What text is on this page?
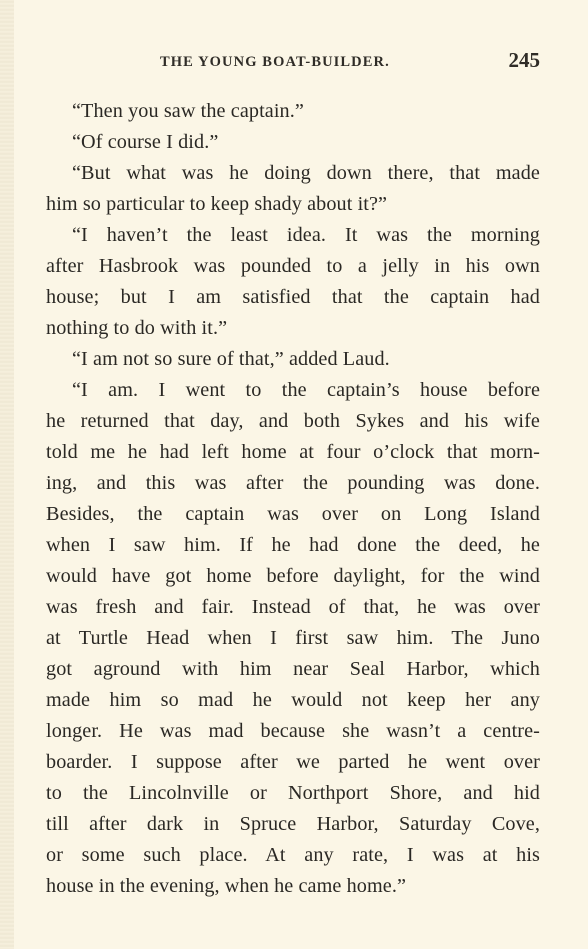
THE YOUNG BOAT-BUILDER.	245
“Then you saw the captain.”
“Of course I did.”
“But what was he doing down there, that made
him so particular to keep shady about it?”
“I haven’t the least idea. It was the morning
after Hasbrook was pounded to a jelly in his own
house; but I am satisfied that the captain had
nothing to do with it.”
“I am not so sure of that,” added Laud.
“I am. I went to the captain’s house before
he returned that day, and both Sykes and his wife
told me he had left home at four o’clock that morn-
ing, and this was after the pounding was done.
Besides, the captain was over on Long Island
when I saw him. If he had done the deed, he
would have got home before daylight, for the wind
was fresh and fair. Instead of that, he was over
at Turtle Head when I first saw him. The Juno
got aground with him near Seal Harbor, which
made him so mad he would not keep her any
longer. He was mad because she wasn’t a centre-
boarder. I suppose after we parted he went over
to the Lincolnville or Northport Shore, and hid
till after dark in Spruce Harbor, Saturday Cove,
or some such place. At any rate, I was at his
house in the evening, when he came home.”
